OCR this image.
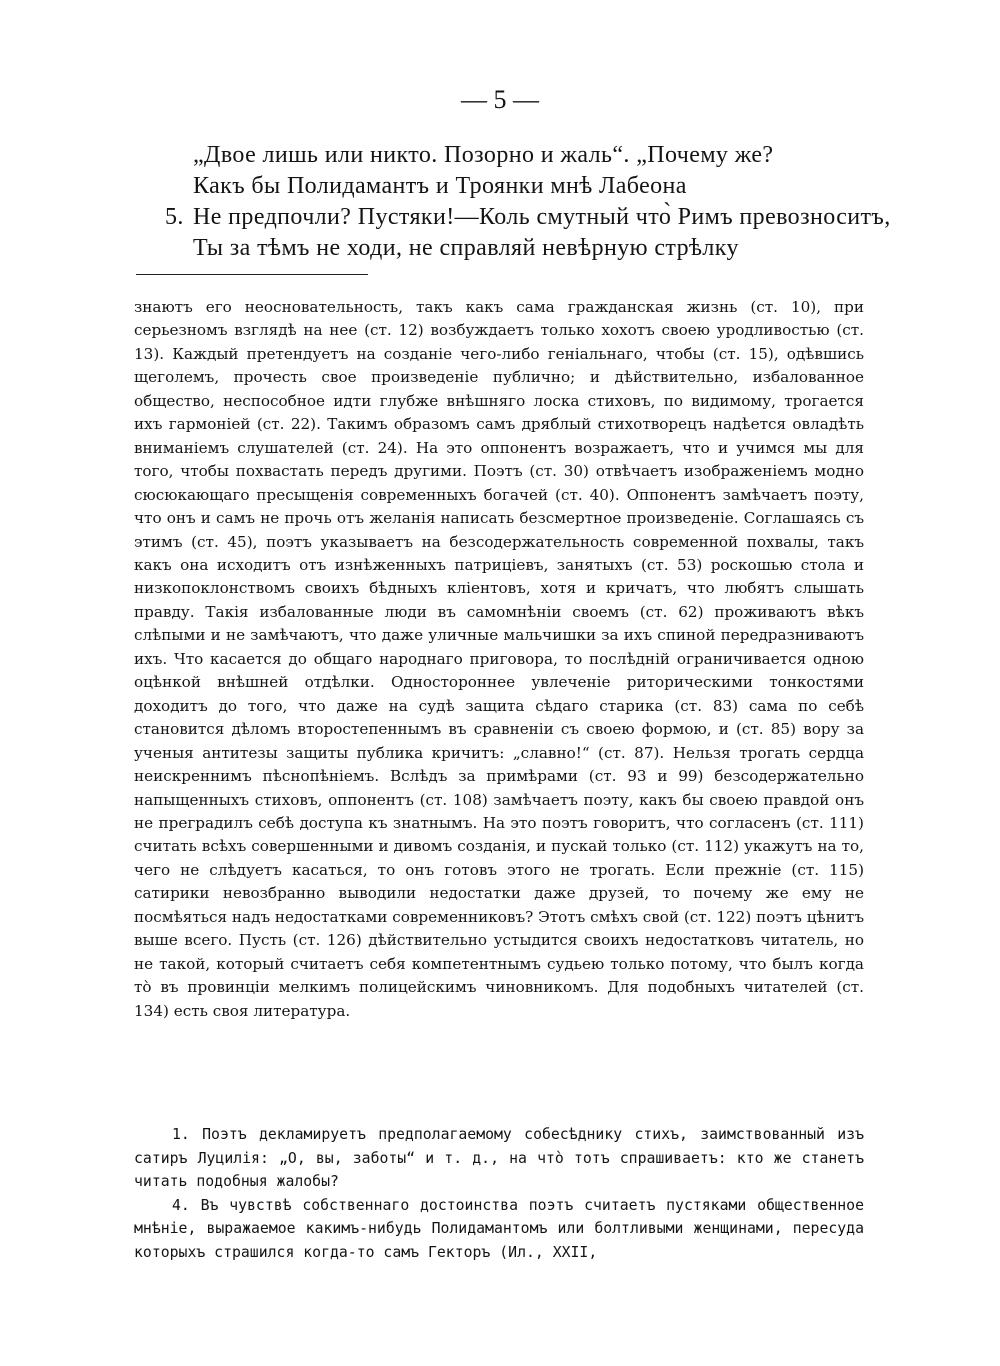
— 5 —
„Двое лишь или никто. Позорно и жаль“. „Почему же?
Какъ бы Полидамантъ и Троянки мнѣ Лабеона
5. Не предпочли? Пустяки!—Коль смутный что̀ Римъ превозноситъ,
Ты за тѣмъ не ходи, не справляй невѣрную стрѣлку

знаютъ его неосновательность, такъ какъ сама гражданская жизнь (ст. 10), при серьезномъ взглядѣ на нее (ст. 12) возбуждаетъ только хохотъ своею уродливостью (ст. 13). Каждый претендуетъ на созданіе чего-либо геніальнаго, чтобы (ст. 15), одѣвшись щеголемъ, прочесть свое произведеніе публично; и дѣйствительно, избалованное общество, неспособное идти глубже внѣшняго лоска стиховъ, по видимому, трогается ихъ гармоніей (ст. 22). Такимъ образомъ самъ дряблый стихотворецъ надѣется овладѣть вниманіемъ слушателей (ст. 24). На это оппонентъ возражаетъ, что и учимся мы для того, чтобы похвастать передъ другими. Поэтъ (ст. 30) отвѣчаетъ изображеніемъ модно сюсюкающаго пресыщенія современныхъ богачей (ст. 40). Оппонентъ замѣчаетъ поэту, что онъ и самъ не прочь отъ желанія написать безсмертное произведеніе. Соглашаясь съ этимъ (ст. 45), поэтъ указываетъ на безсодержательность современной похвалы, такъ какъ она исходитъ отъ изнѣженныхъ патриціевъ, занятыхъ (ст. 53) роскошью стола и низкопоклонствомъ своихъ бѣдныхъ кліентовъ, хотя и кричатъ, что любятъ слышать правду. Такія избалованные люди въ самомнѣніи своемъ (ст. 62) проживаютъ вѣкъ слѣпыми и не замѣчаютъ, что даже уличные мальчишки за ихъ спиной передразниваютъ ихъ. Что касается до общаго народнаго приговора, то послѣдній ограничивается одною оцѣнкой внѣшней отдѣлки. Одностороннее увлеченіе риторическими тонкостями доходитъ до того, что даже на судѣ защита сѣдаго старика (ст. 83) сама по себѣ становится дѣломъ второстепеннымъ въ сравненіи съ своею формою, и (ст. 85) вору за ученыя антитезы защиты публика кричитъ: „славно!“ (ст. 87). Нельзя трогать сердца неискреннимъ пѣснопѣніемъ. Вслѣдъ за примѣрами (ст. 93 и 99) безсодержательно напыщенныхъ стиховъ, оппонентъ (ст. 108) замѣчаетъ поэту, какъ бы своею правдой онъ не преградилъ себѣ доступа къ знатнымъ. На это поэтъ говоритъ, что согласенъ (ст. 111) считать всѣхъ совершенными и дивомъ созданія, и пускай только (ст. 112) укажутъ на то, чего не слѣдуетъ касаться, то онъ готовъ этого не трогать. Если прежніе (ст. 115) сатирики невозбранно выводили недостатки даже друзей, то почему же ему не посмѣяться надъ недостатками современниковъ? Этотъ смѣхъ свой (ст. 122) поэтъ цѣнитъ выше всего. Пусть (ст. 126) дѣйствительно устыдится своихъ недостатковъ читатель, но не такой, который считаетъ себя компетентнымъ судьею только потому, что былъ когда то̀ въ провинціи мелкимъ полицейскимъ чиновникомъ. Для подобныхъ читателей (ст. 134) есть своя литература.

1. Поэтъ декламируетъ предполагаемому собесѣднику стихъ, заимствованный изъ сатиръ Луцилія: „О, вы, заботы“ и т. д., на что̀ тотъ спрашиваетъ: кто же станетъ читать подобныя жалобы?

4. Въ чувствѣ собственнаго достоинства поэтъ считаетъ пустяками общественное мнѣніе, выражаемое какимъ-нибудь Полидамантомъ или болтливыми женщинами, пересуда которыхъ страшился когда-то самъ Гекторъ (Ил., XXII,
